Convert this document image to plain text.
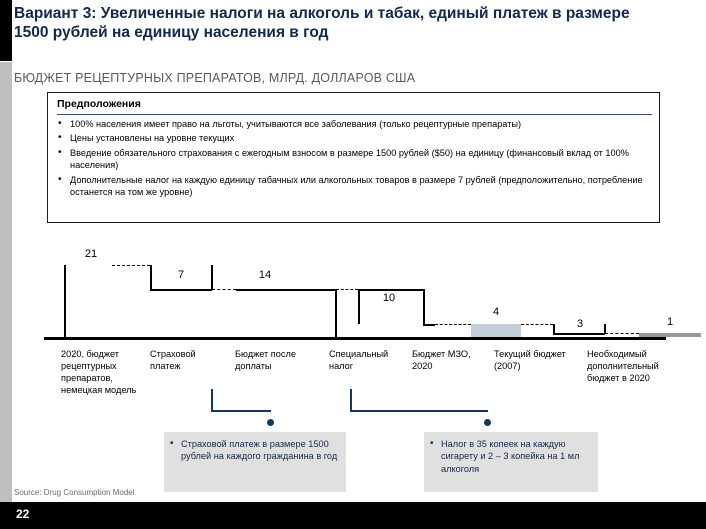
Вариант 3: Увеличенные налоги на алкоголь и табак, единый платеж в размере 1500 рублей на единицу населения в год
БЮДЖЕТ РЕЦЕПТУРНЫХ ПРЕПАРАТОВ, МЛРД. ДОЛЛАРОВ США
Предположения
• 100% населения имеет право на льготы, учитываются все заболевания (только рецептурные препараты)
• Цены установлены на уровне текущих
• Введение обязательного страхования с ежегодным взносом в размере 1500 рублей ($50) на единицу (финансовый вклад от 100% населения)
• Дополнительные налог на каждую единицу табачных или алкогольных товаров в размере 7 рублей (предположительно, потребление останется на том же уровне)
21
7	14
10
4
3	1
2020, бюджет рецептурных препаратов, немецкая модель
Страховой платеж
Бюджет после доплаты
Специальный налог
Бюджет МЗО, 2020
Текущий бюджет (2007)
Необходимый дополнительный бюджет в 2020
• Страховой платеж в размере 1500 рублей на каждого гражданина в год
• Налог в 35 копеек на каждую сигарету и 2 – 3 копейка на 1 мл алкоголя
Source: Drug Consumption Model
22
